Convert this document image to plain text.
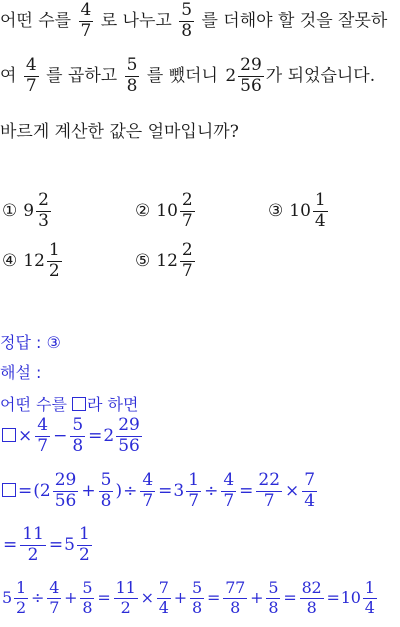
어떤 수를 $\frac{4}{7}$ 로 나누고 $\frac{5}{8}$ 를 더해야 할 것을 잘못하
여 $\frac{4}{7}$ 를 곱하고 $\frac{5}{8}$ 를 뺐더니 $2 \frac{29}{56}$ 가 되었습니다.
바르게 계산한 값은 얼마입니까?
① $9 \frac{2}{3}$	② $10 \frac{2}{7}$	③ $10 \frac{1}{4}$
④ $12 \frac{1}{2}$	⑤ $12 \frac{2}{7}$
정답 : ③
해설 :
어떤 수를 라 하면
× $\frac{4}{7} - \frac{5}{8} =2 \frac{29}{56}$
$=(2 \frac{29}{56} + \frac{5}{8}$ )÷ $\frac{4}{7} =3 \frac{1}{7} \div \frac{4}{7} = \frac{22}{7} \times \frac{7}{4}$
= $\frac{11}{2} =5 \frac{1}{2}$
$5 \frac{1}{2} \div \frac{4}{7} + \frac{5}{8} = \frac{11}{2} \times \frac{7}{4} + \frac{5}{8} = \frac{77}{8} + \frac{5}{8} = \frac{82}{8} =10 \frac{1}{4}$
